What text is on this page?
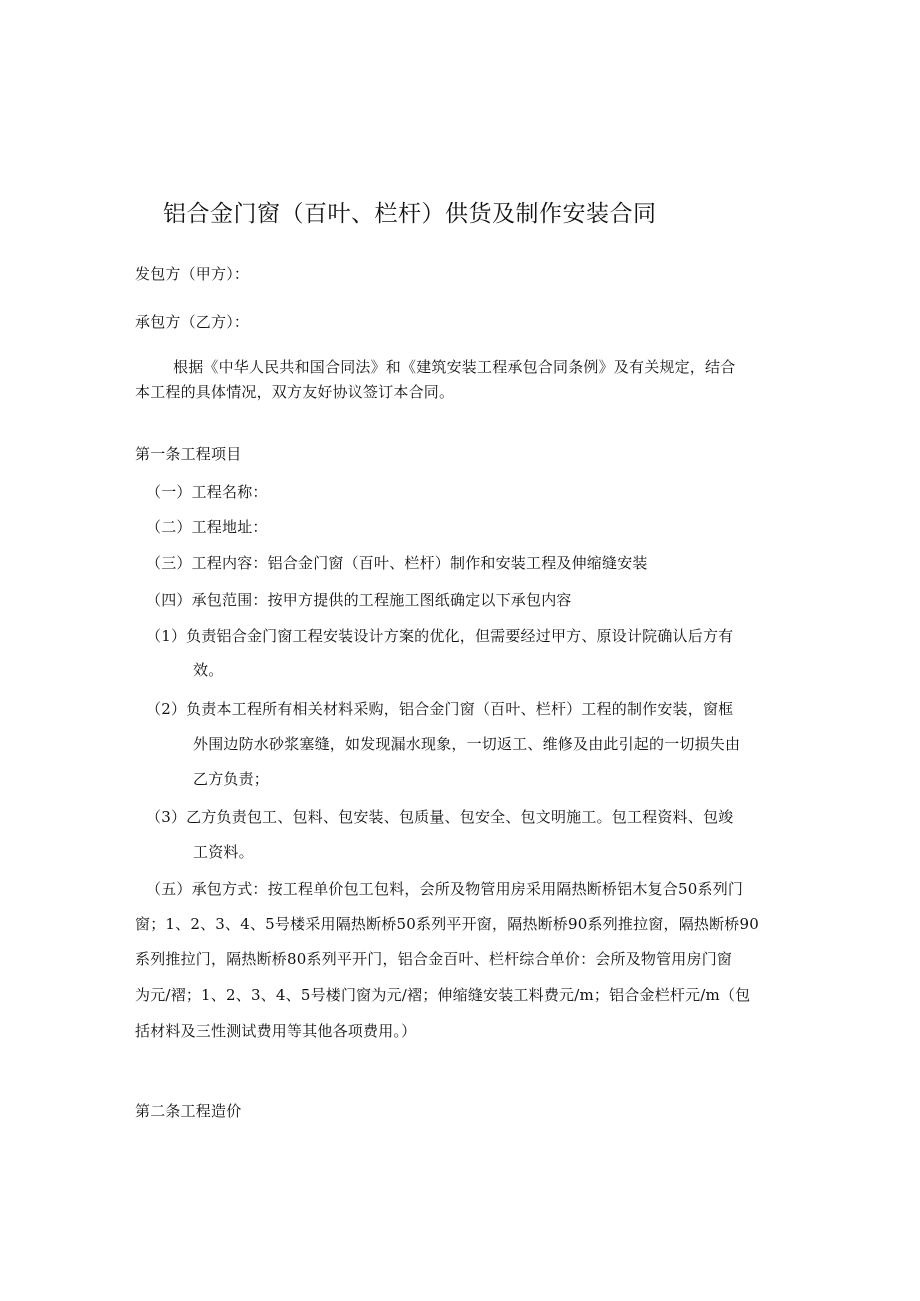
铝合金门窗（百叶、栏杆）供货及制作安装合同
发包方（甲方）：
承包方（乙方）：
根据《中华人民共和国合同法》和《建筑安装工程承包合同条例》及有关规定，结合
本工程的具体情况，双方友好协议签订本合同。
第一条工程项目
（一）工程名称：
（二）工程地址：
（三）工程内容：铝合金门窗（百叶、栏杆）制作和安装工程及伸缩缝安装
（四）承包范围：按甲方提供的工程施工图纸确定以下承包内容
（1）负责铝合金门窗工程安装设计方案的优化，但需要经过甲方、原设计院确认后方有
效。
（2）负责本工程所有相关材料采购，铝合金门窗（百叶、栏杆）工程的制作安装，窗框
外围边防水砂浆塞缝，如发现漏水现象，一切返工、维修及由此引起的一切损失由
乙方负责；
（3）乙方负责包工、包料、包安装、包质量、包安全、包文明施工。包工程资料、包竣
工资料。
（五）承包方式：按工程单价包工包料，会所及物管用房采用隔热断桥铝木复合50系列门
窗；1、2、3、4、5号楼采用隔热断桥50系列平开窗，隔热断桥90系列推拉窗，隔热断桥90
系列推拉门，隔热断桥80系列平开门，铝合金百叶、栏杆综合单价：会所及物管用房门窗
为元/褶；1、2、3、4、5号楼门窗为元/褶；伸缩缝安装工料费元/m；铝合金栏杆元/m（包
括材料及三性测试费用等其他各项费用。）
第二条工程造价
